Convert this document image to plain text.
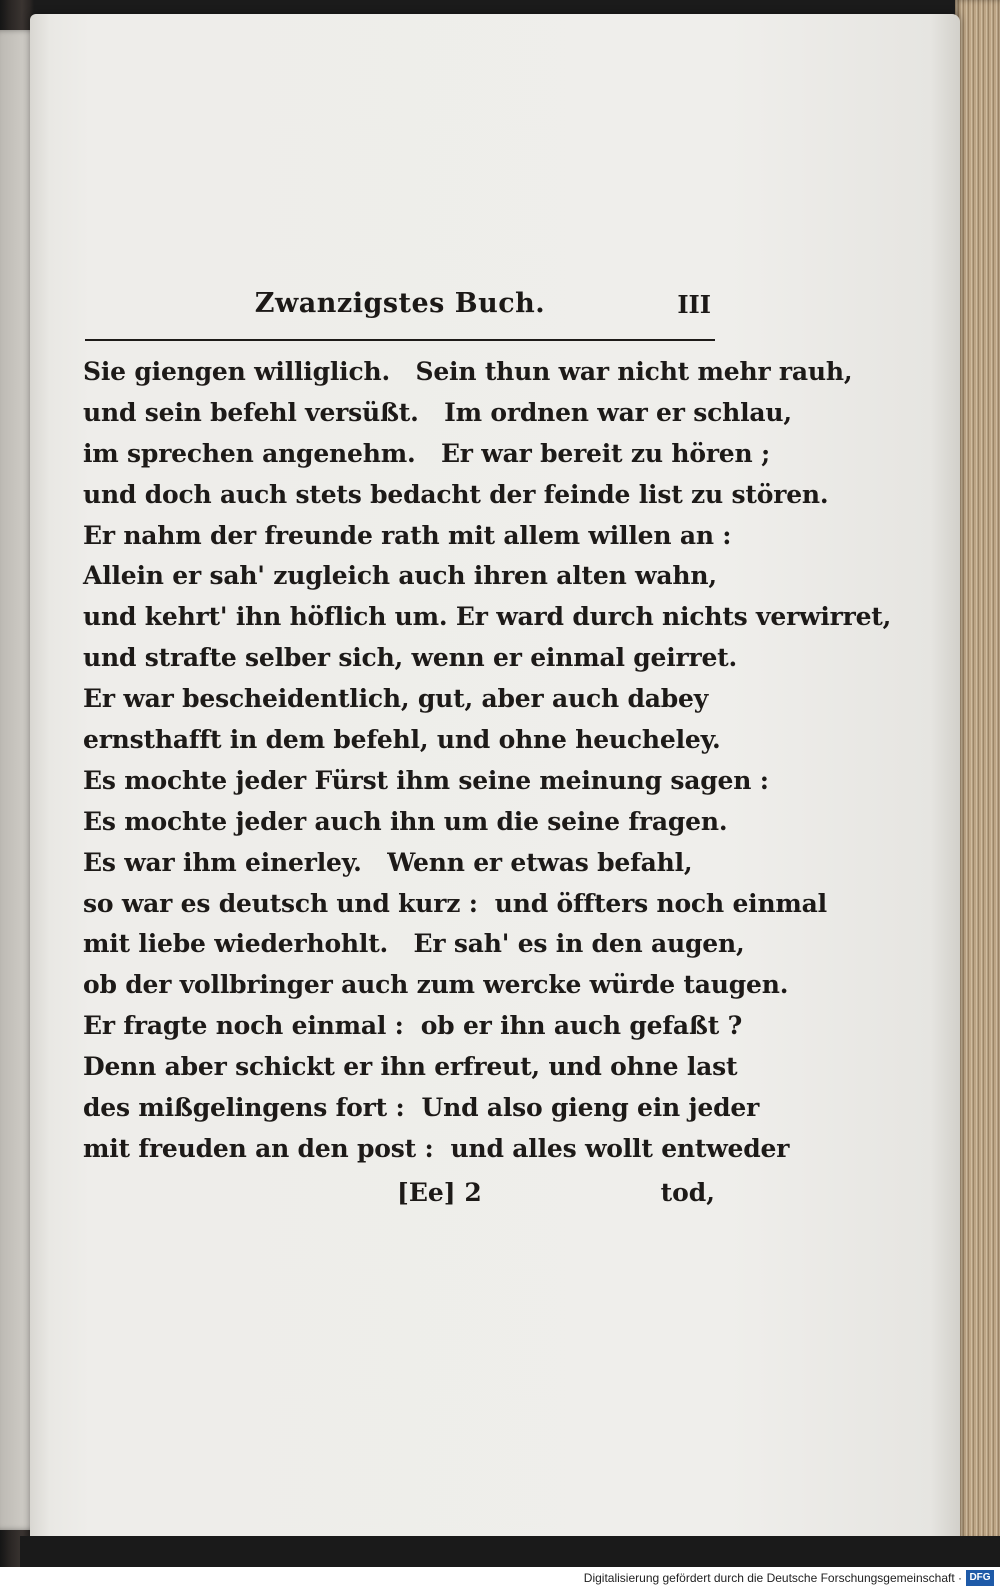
Zwanzigstes Buch.	III
Sie giengen williglich.   Sein thun war nicht mehr rauh,
und sein befehl versüßt.   Im ordnen war er schlau,
im sprechen angenehm.   Er war bereit zu hören ;
und doch auch stets bedacht der feinde list zu stören.
Er nahm der freunde rath mit allem willen an :
Allein er sah' zugleich auch ihren alten wahn,
und kehrt' ihn höflich um. Er ward durch nichts verwirret,
und strafte selber sich, wenn er einmal geirret.
Er war bescheidentlich, gut, aber auch dabey
ernsthafft in dem befehl, und ohne heucheley.
Es mochte jeder Fürst ihm seine meinung sagen :
Es mochte jeder auch ihn um die seine fragen.
Es war ihm einerley.   Wenn er etwas befahl,
so war es deutsch und kurz :  und öffters noch einmal
mit liebe wiederhohlt.   Er sah' es in den augen,
ob der vollbringer auch zum wercke würde taugen.
Er fragte noch einmal :  ob er ihn auch gefaßt ?
Denn aber schickt er ihn erfreut, und ohne last
des mißgelingens fort :  Und also gieng ein jeder
mit freuden an den post :  und alles wollt entweder
[Ee] 2	tod,
Digitalisierung gefördert durch die Deutsche Forschungsgemeinschaft · DFG
